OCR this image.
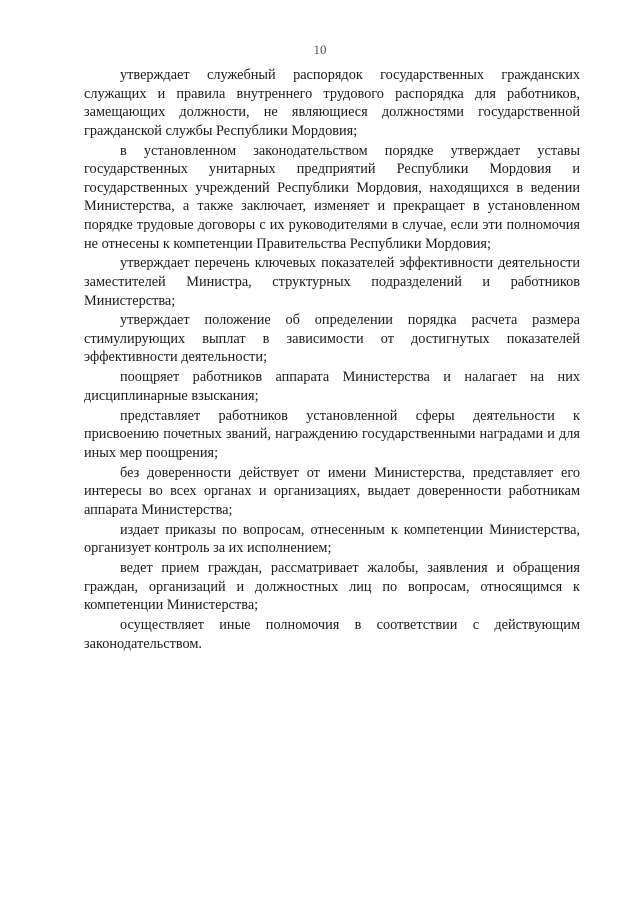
10

утверждает служебный распорядок государственных гражданских служащих и правила внутреннего трудового распорядка для работников, замещающих должности, не являющиеся должностями государственной гражданской службы Республики Мордовия;

в установленном законодательством порядке утверждает уставы государственных унитарных предприятий Республики Мордовия и государственных учреждений Республики Мордовия, находящихся в ведении Министерства, а также заключает, изменяет и прекращает в установленном порядке трудовые договоры с их руководителями в случае, если эти полномочия не отнесены к компетенции Правительства Республики Мордовия;

утверждает перечень ключевых показателей эффективности деятельности заместителей Министра, структурных подразделений и работников Министерства;

утверждает положение об определении порядка расчета размера стимулирующих выплат в зависимости от достигнутых показателей эффективности деятельности;

поощряет работников аппарата Министерства и налагает на них дисциплинарные взыскания;

представляет работников установленной сферы деятельности к присвоению почетных званий, награждению государственными наградами и для иных мер поощрения;

без доверенности действует от имени Министерства, представляет его интересы во всех органах и организациях, выдает доверенности работникам аппарата Министерства;

издает приказы по вопросам, отнесенным к компетенции Министерства, организует контроль за их исполнением;

ведет прием граждан, рассматривает жалобы, заявления и обращения граждан, организаций и должностных лиц по вопросам, относящимся к компетенции Министерства;

осуществляет иные полномочия в соответствии с действующим законодательством.
